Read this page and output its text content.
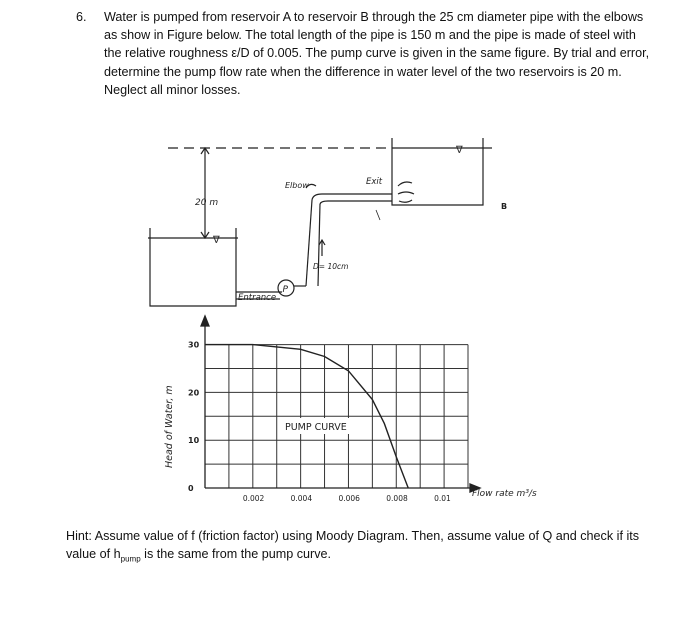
6. Water is pumped from reservoir A to reservoir B through the 25 cm diameter pipe with the elbows
as show in Figure below. The total length of the pipe is 150 m and the pipe is made of steel with
the relative roughness ε/D of 0.005. The pump curve is given in the same figure. By trial and error,
determine the pump flow rate when the difference in water level of the two reservoirs is 20 m.
Neglect all minor losses.
20 m
Elbow	Exit
D= 10cm
Entrance
P
B
∇
∇
0.002	0.004	0.006	0.008	0.01
0
10
20
30
PUMP CURVE
Flow rate m³/s
Head of Water, m
Hint: Assume value of f (friction factor) using Moody Diagram. Then, assume value of Q and check if its
value of $h_{pump}$ is the same from the pump curve.
